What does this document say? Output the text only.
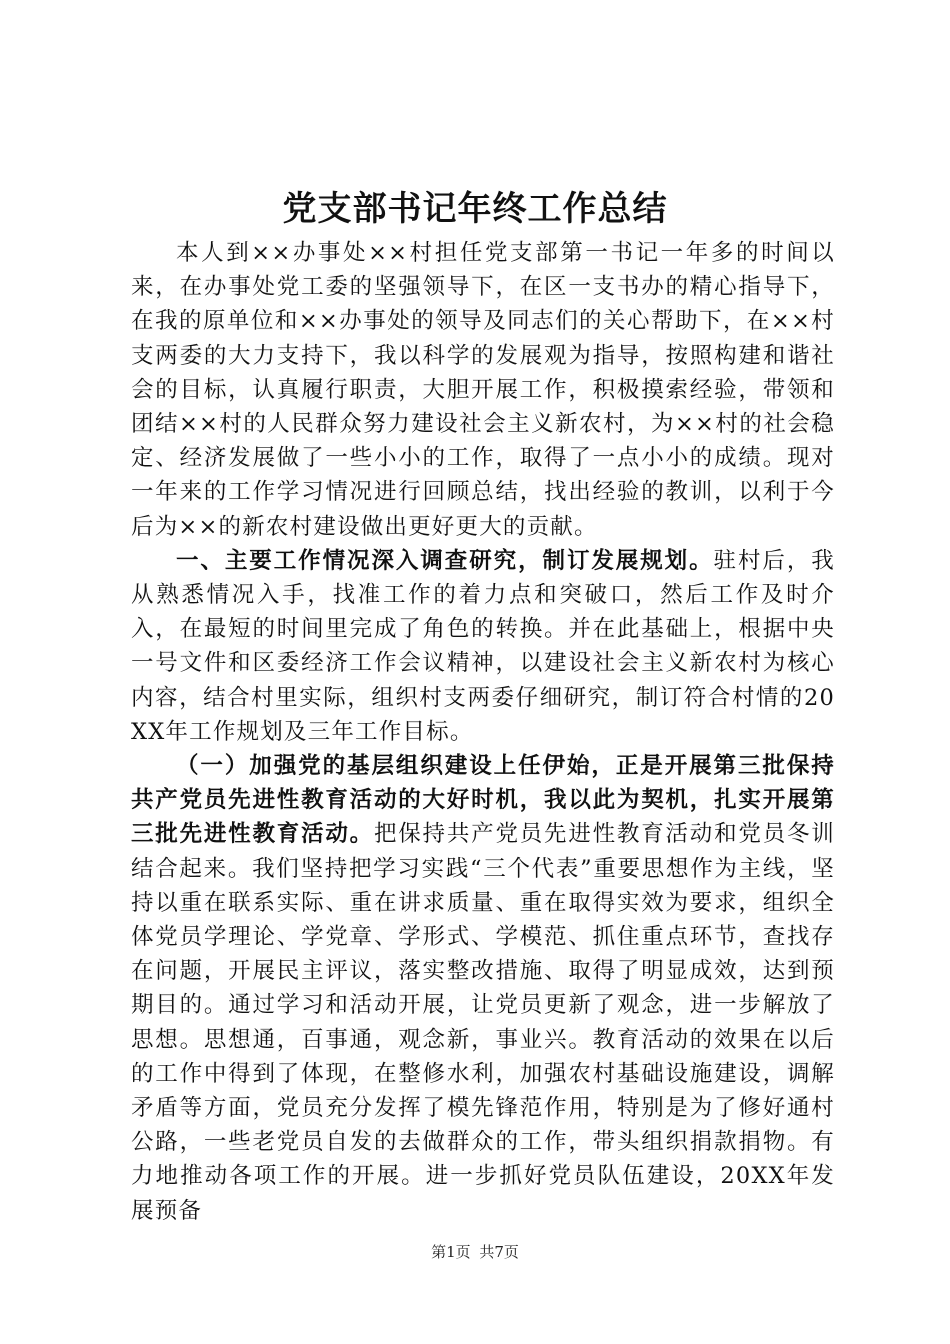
党支部书记年终工作总结

本人到××办事处××村担任党支部第一书记一年多的时间以来，在办事处党工委的坚强领导下，在区一支书办的精心指导下，在我的原单位和××办事处的领导及同志们的关心帮助下，在××村支两委的大力支持下，我以科学的发展观为指导，按照构建和谐社会的目标，认真履行职责，大胆开展工作，积极摸索经验，带领和团结××村的人民群众努力建设社会主义新农村，为××村的社会稳定、经济发展做了一些小小的工作，取得了一点小小的成绩。现对一年来的工作学习情况进行回顾总结，找出经验的教训，以利于今后为××的新农村建设做出更好更大的贡献。

一、主要工作情况深入调查研究，制订发展规划。驻村后，我从熟悉情况入手，找准工作的着力点和突破口，然后工作及时介入，在最短的时间里完成了角色的转换。并在此基础上，根据中央一号文件和区委经济工作会议精神，以建设社会主义新农村为核心内容，结合村里实际，组织村支两委仔细研究，制订符合村情的20XX年工作规划及三年工作目标。

（一）加强党的基层组织建设上任伊始，正是开展第三批保持共产党员先进性教育活动的大好时机，我以此为契机，扎实开展第三批先进性教育活动。把保持共产党员先进性教育活动和党员冬训结合起来。我们坚持把学习实践“三个代表”重要思想作为主线，坚持以重在联系实际、重在讲求质量、重在取得实效为要求，组织全体党员学理论、学党章、学形式、学模范、抓住重点环节，查找存在问题，开展民主评议，落实整改措施、取得了明显成效，达到预期目的。通过学习和活动开展，让党员更新了观念，进一步解放了思想。思想通，百事通，观念新，事业兴。教育活动的效果在以后的工作中得到了体现，在整修水利，加强农村基础设施建设，调解矛盾等方面，党员充分发挥了模先锋范作用，特别是为了修好通村公路，一些老党员自发的去做群众的工作，带头组织捐款捐物。有力地推动各项工作的开展。进一步抓好党员队伍建设，20XX年发展预备

第1页 共7页
